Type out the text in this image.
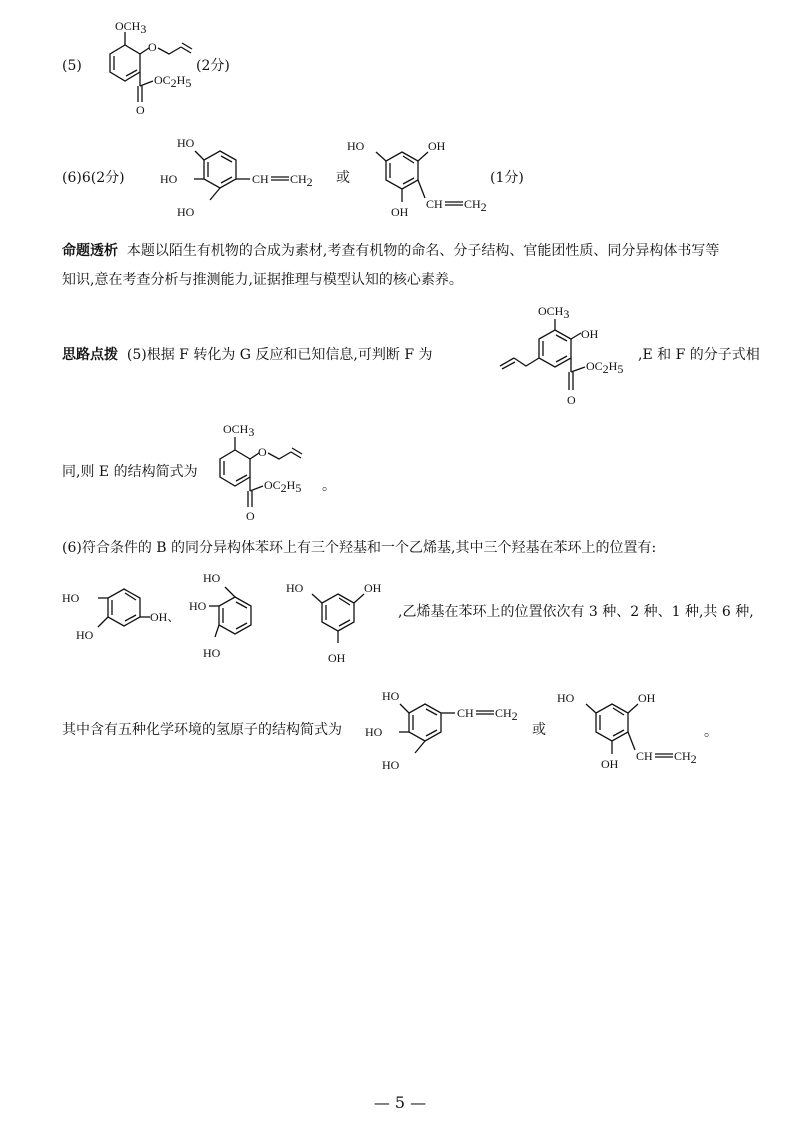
(5)
OCH3
O
OC2H5
O
(2分)
(6)6(2分)
HO
HO
HO
CH CH2 或
HO	OH
OH
CH CH2
(1分)
命题透析 本题以陌生有机物的合成为素材,考查有机物的命名、分子结构、官能团性质、同分异构体书写等
知识,意在考查分析与推测能力,证据推理与模型认知的核心素养。
思路点拨 (5)根据 F 转化为 G 反应和已知信息,可判断 F 为
OCH3
OH
OC2H5
O
,E 和 F 的分子式相
同,则 E 的结构简式为
OCH3
O
OC2H5
O
。
(6)符合条件的 B 的同分异构体苯环上有三个羟基和一个乙烯基,其中三个羟基在苯环上的位置有:
HO
HO
OH、
HO
HO
HO
HO	OH
OH
,乙烯基在苯环上的位置依次有 3 种、2 种、1 种,共 6 种,
其中含有五种化学环境的氢原子的结构简式为
HO
HO
HO
CH CH2
或
HO	OH
OH
CH CH2
。
— 5 —
